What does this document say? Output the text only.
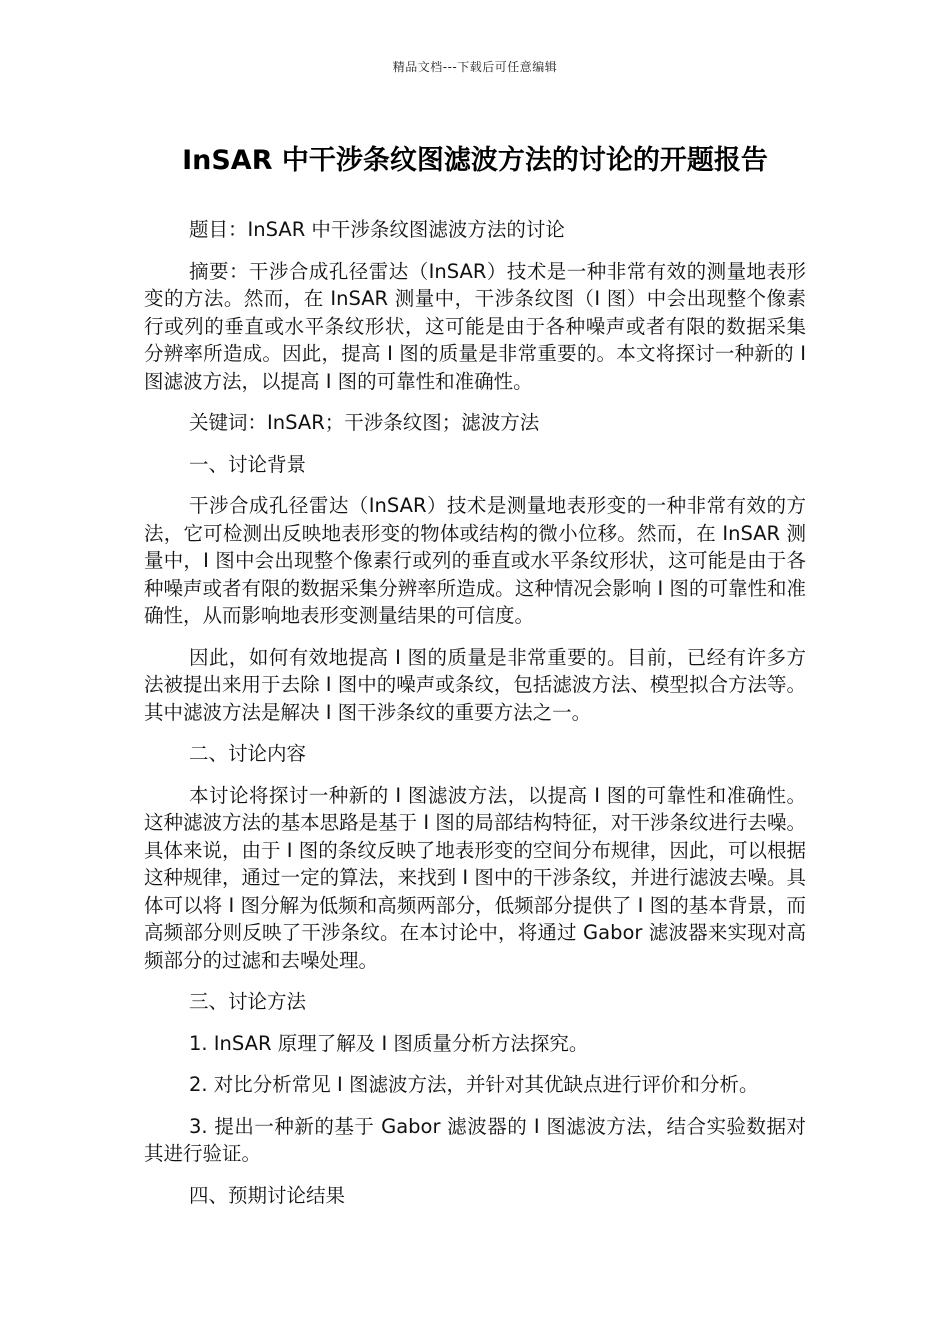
精品文档---下载后可任意编辑
InSAR 中干涉条纹图滤波方法的讨论的开题报告

题目：InSAR 中干涉条纹图滤波方法的讨论

摘要：干涉合成孔径雷达（InSAR）技术是一种非常有效的测量地表形变的方法。然而，在 InSAR 测量中，干涉条纹图（I 图）中会出现整个像素行或列的垂直或水平条纹形状，这可能是由于各种噪声或者有限的数据采集分辨率所造成。因此，提高 I 图的质量是非常重要的。本文将探讨一种新的 I 图滤波方法，以提高 I 图的可靠性和准确性。

关键词：InSAR；干涉条纹图；滤波方法

一、讨论背景

干涉合成孔径雷达（InSAR）技术是测量地表形变的一种非常有效的方法，它可检测出反映地表形变的物体或结构的微小位移。然而，在 InSAR 测量中，I 图中会出现整个像素行或列的垂直或水平条纹形状，这可能是由于各种噪声或者有限的数据采集分辨率所造成。这种情况会影响 I 图的可靠性和准确性，从而影响地表形变测量结果的可信度。

因此，如何有效地提高 I 图的质量是非常重要的。目前，已经有许多方法被提出来用于去除 I 图中的噪声或条纹，包括滤波方法、模型拟合方法等。其中滤波方法是解决 I 图干涉条纹的重要方法之一。

二、讨论内容

本讨论将探讨一种新的 I 图滤波方法，以提高 I 图的可靠性和准确性。这种滤波方法的基本思路是基于 I 图的局部结构特征，对干涉条纹进行去噪。具体来说，由于 I 图的条纹反映了地表形变的空间分布规律，因此，可以根据这种规律，通过一定的算法，来找到 I 图中的干涉条纹，并进行滤波去噪。具体可以将 I 图分解为低频和高频两部分，低频部分提供了 I 图的基本背景，而高频部分则反映了干涉条纹。在本讨论中，将通过 Gabor 滤波器来实现对高频部分的过滤和去噪处理。

三、讨论方法

1. InSAR 原理了解及 I 图质量分析方法探究。

2. 对比分析常见 I 图滤波方法，并针对其优缺点进行评价和分析。

3. 提出一种新的基于 Gabor 滤波器的 I 图滤波方法，结合实验数据对其进行验证。

四、预期讨论结果
